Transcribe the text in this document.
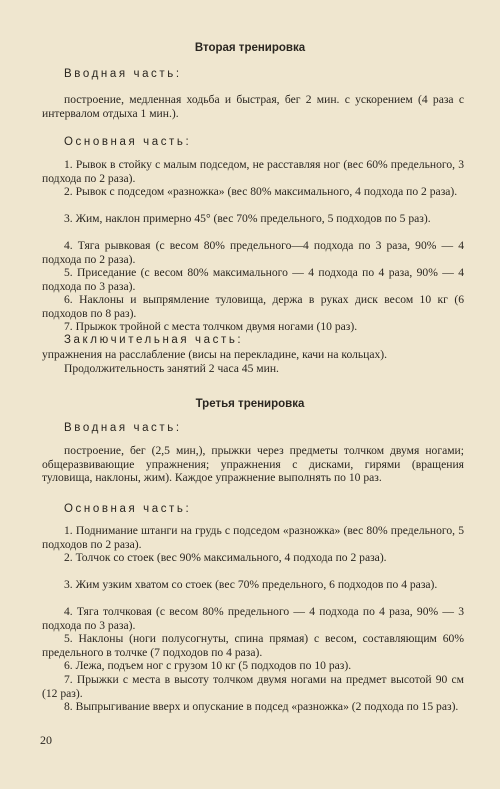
Вторая тренировка
Вводная часть:
построение, медленная ходьба и быстрая, бег 2 мин. с ускорением (4 раза с интервалом отдыха 1 мин.).
Основная часть:
1. Рывок в стойку с малым подседом, не расставляя ног (вес 60% предельного, 3 подхода по 2 раза).
2. Рывок с подседом «разножка» (вес 80% максимального, 4 подхода по 2 раза).
3. Жим, наклон примерно 45° (вес 70% предельного, 5 подходов по 5 раз).
4. Тяга рывковая (с весом 80% предельного—4 подхода по 3 раза, 90% — 4 подхода по 2 раза).
5. Приседание (с весом 80% максимального — 4 подхода по 4 раза, 90% — 4 подхода по 3 раза).
6. Наклоны и выпрямление туловища, держа в руках диск весом 10 кг (6 подходов по 8 раз).
7. Прыжок тройной с места толчком двумя ногами (10 раз).
Заключительная часть:
упражнения на расслабление (висы на перекладине, качи на кольцах).
Продолжительность занятий 2 часа 45 мин.
Третья тренировка
Вводная часть:
построение, бег (2,5 мин,), прыжки через предметы толчком двумя ногами; общеразвивающие упражнения; упражнения с дисками, гирями (вращения туловища, наклоны, жим). Каждое упражнение выполнять по 10 раз.
Основная часть:
1. Поднимание штанги на грудь с подседом «разножка» (вес 80% предельного, 5 подходов по 2 раза).
2. Толчок со стоек (вес 90% максимального, 4 подхода по 2 раза).
3. Жим узким хватом со стоек (вес 70% предельного, 6 подходов по 4 раза).
4. Тяга толчковая (с весом 80% предельного — 4 подхода по 4 раза, 90% — 3 подхода по 3 раза).
5. Наклоны (ноги полусогнуты, спина прямая) с весом, составляющим 60% предельного в толчке (7 подходов по 4 раза).
6. Лежа, подъем ног с грузом 10 кг (5 подходов по 10 раз).
7. Прыжки с места в высоту толчком двумя ногами на предмет высотой 90 см (12 раз).
8. Выпрыгивание вверх и опускание в подсед «разножка» (2 подхода по 15 раз).
20
